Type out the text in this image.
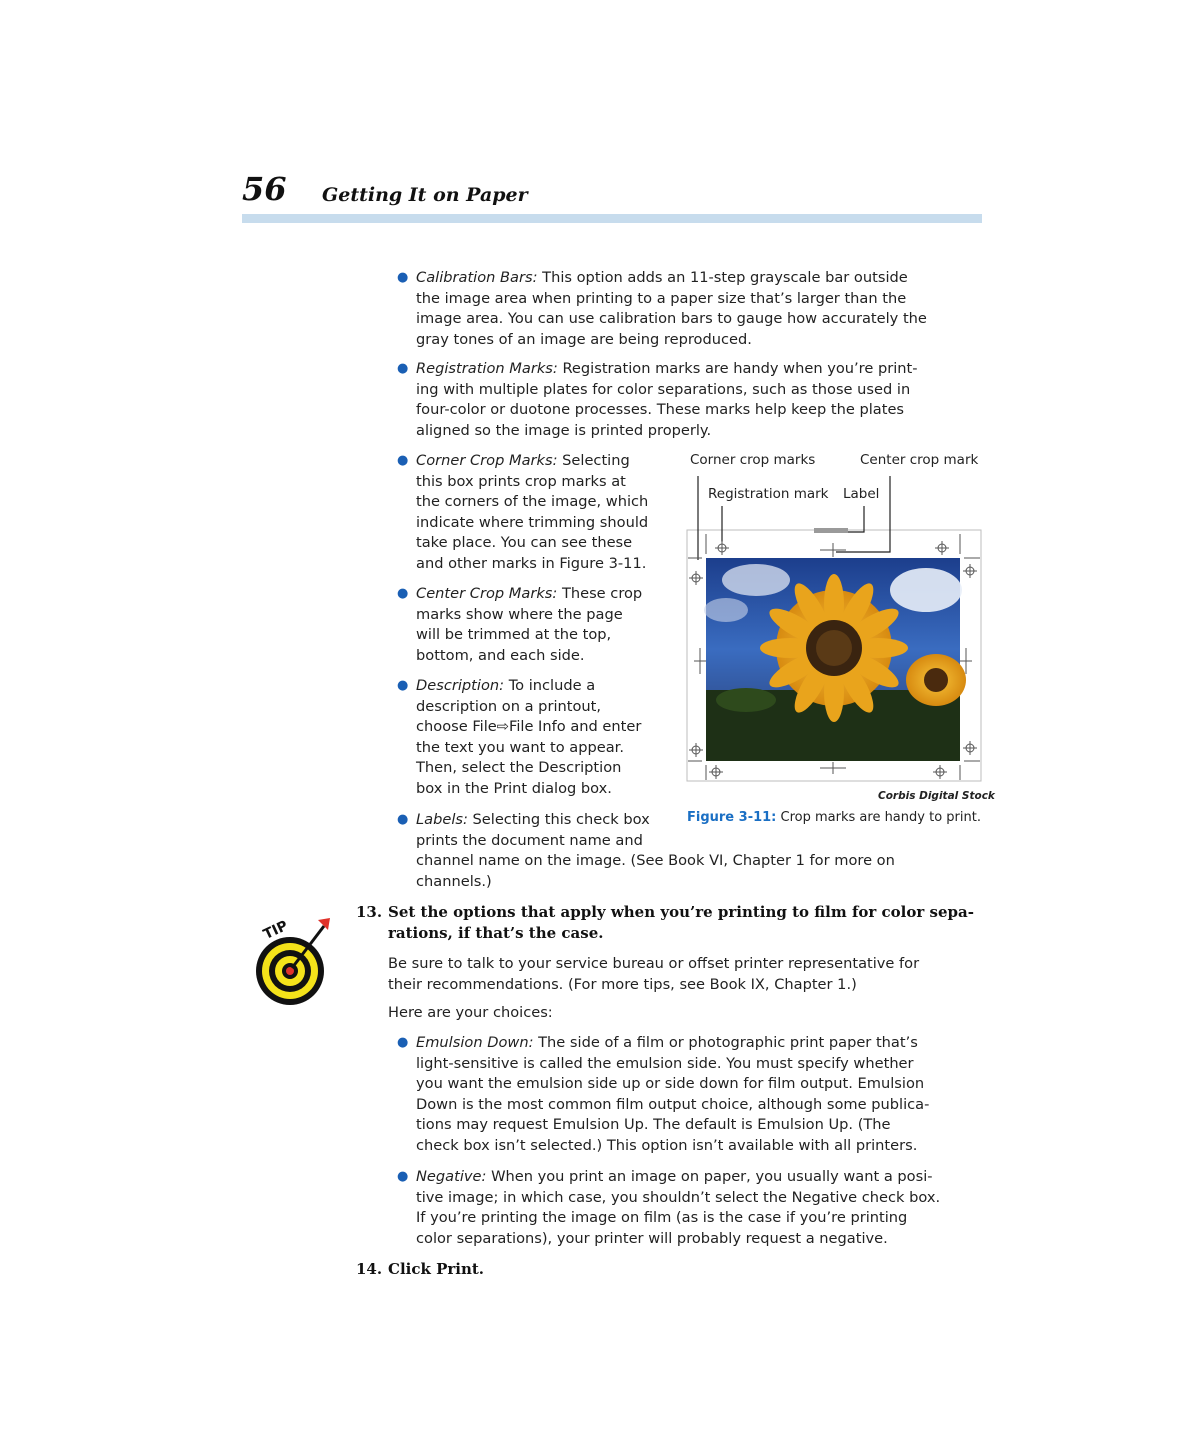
56 Getting It on Paper
● Calibration Bars: This option adds an 11-step grayscale bar outside
the image area when printing to a paper size that’s larger than the
image area. You can use calibration bars to gauge how accurately the
gray tones of an image are being reproduced.
● Registration Marks: Registration marks are handy when you’re print-
ing with multiple plates for color separations, such as those used in
four-color or duotone processes. These marks help keep the plates
aligned so the image is printed properly.
● Corner Crop Marks: Selecting
this box prints crop marks at
the corners of the image, which
indicate where trimming should
take place. You can see these
and other marks in Figure 3-11.
● Center Crop Marks: These crop
marks show where the page
will be trimmed at the top,
bottom, and each side.
● Description: To include a
description on a printout,
choose File⇨File Info and enter
the text you want to appear.
Then, select the Description
box in the Print dialog box.
● Labels: Selecting this check box
prints the document name and
channel name on the image. (See Book VI, Chapter 1 for more on
channels.)
Corner crop marks	Center crop mark
Registration mark Label
Corbis Digital Stock
Figure 3-11: Crop marks are handy to print.
TIP
13. Set the options that apply when you’re printing to film for color sepa-
rations, if that’s the case.
Be sure to talk to your service bureau or offset printer representative for
their recommendations. (For more tips, see Book IX, Chapter 1.)
Here are your choices:
● Emulsion Down: The side of a film or photographic print paper that’s
light-sensitive is called the emulsion side. You must specify whether
you want the emulsion side up or side down for film output. Emulsion
Down is the most common film output choice, although some publica-
tions may request Emulsion Up. The default is Emulsion Up. (The
check box isn’t selected.) This option isn’t available with all printers.
● Negative: When you print an image on paper, you usually want a posi-
tive image; in which case, you shouldn’t select the Negative check box.
If you’re printing the image on film (as is the case if you’re printing
color separations), your printer will probably request a negative.
14. Click Print.
